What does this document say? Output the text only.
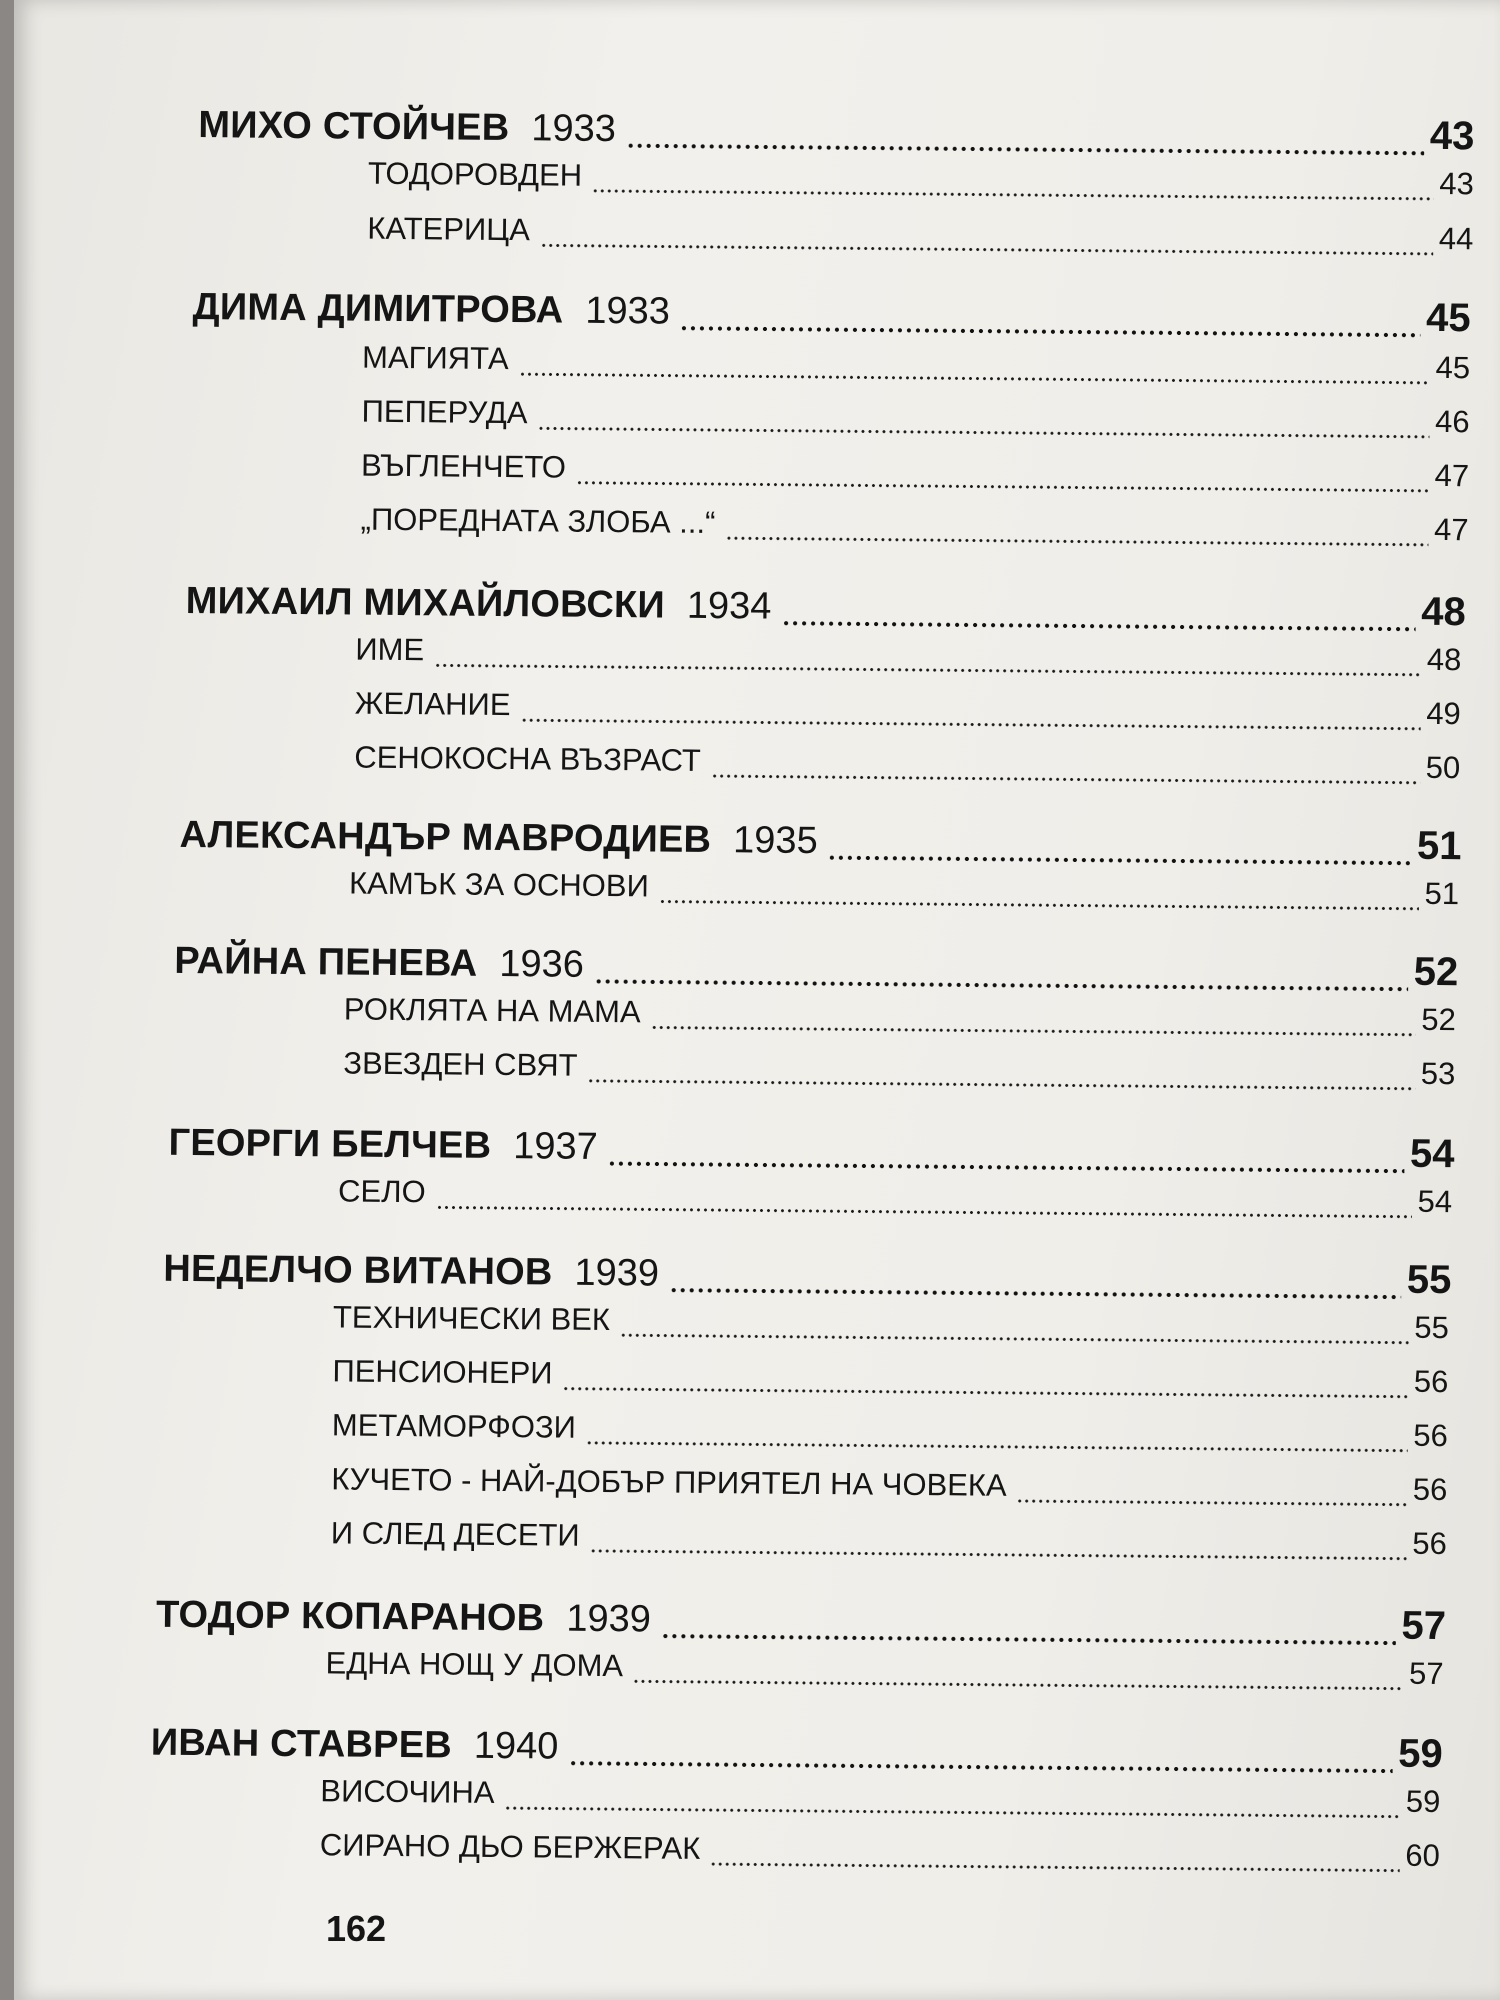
МИХО СТОЙЧЕВ 1933	43
ТОДОРОВДЕН	43
КАТЕРИЦА	44
ДИМА ДИМИТРОВА 1933	45
МАГИЯТА	45
ПЕПЕРУДА	46
ВЪГЛЕНЧЕТО	47
„ПОРЕДНАТА ЗЛОБА ...“	47
МИХАИЛ МИХАЙЛОВСКИ 1934	48
ИМЕ	48
ЖЕЛАНИЕ	49
СЕНОКОСНА ВЪЗРАСТ	50
АЛЕКСАНДЪР МАВРОДИЕВ 1935	51
КАМЪК ЗА ОСНОВИ	51
РАЙНА ПЕНЕВА 1936	52
РОКЛЯТА НА МАМА	52
ЗВЕЗДЕН СВЯТ	53
ГЕОРГИ БЕЛЧЕВ 1937	54
СЕЛО	54
НЕДЕЛЧО ВИТАНОВ 1939	55
ТЕХНИЧЕСКИ ВЕК	55
ПЕНСИОНЕРИ	56
МЕТАМОРФОЗИ	56
КУЧЕТО - НАЙ-ДОБЪР ПРИЯТЕЛ НА ЧОВЕКА	56
И СЛЕД ДЕСЕТИ	56
ТОДОР КОПАРАНОВ 1939	57
ЕДНА НОЩ У ДОМА	57
ИВАН СТАВРЕВ 1940	59
ВИСОЧИНА	59
СИРАНО ДЬО БЕРЖЕРАК	60
162
